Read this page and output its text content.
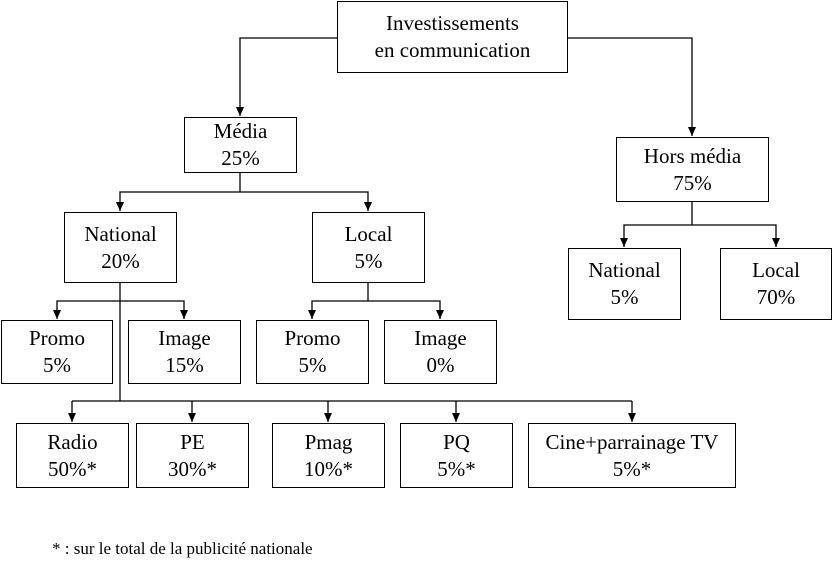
Investissements
en communication
Média
25%	Hors média
75%
National
20%
Local
5%	National
5%
Local
70%
Promo
5%
Image
15%
Promo
5%
Image
0%
Radio
50%*
PE
30%*
Pmag
10%*
PQ
5%*
Cine+parrainage TV
5%*
* : sur le total de la publicité nationale
